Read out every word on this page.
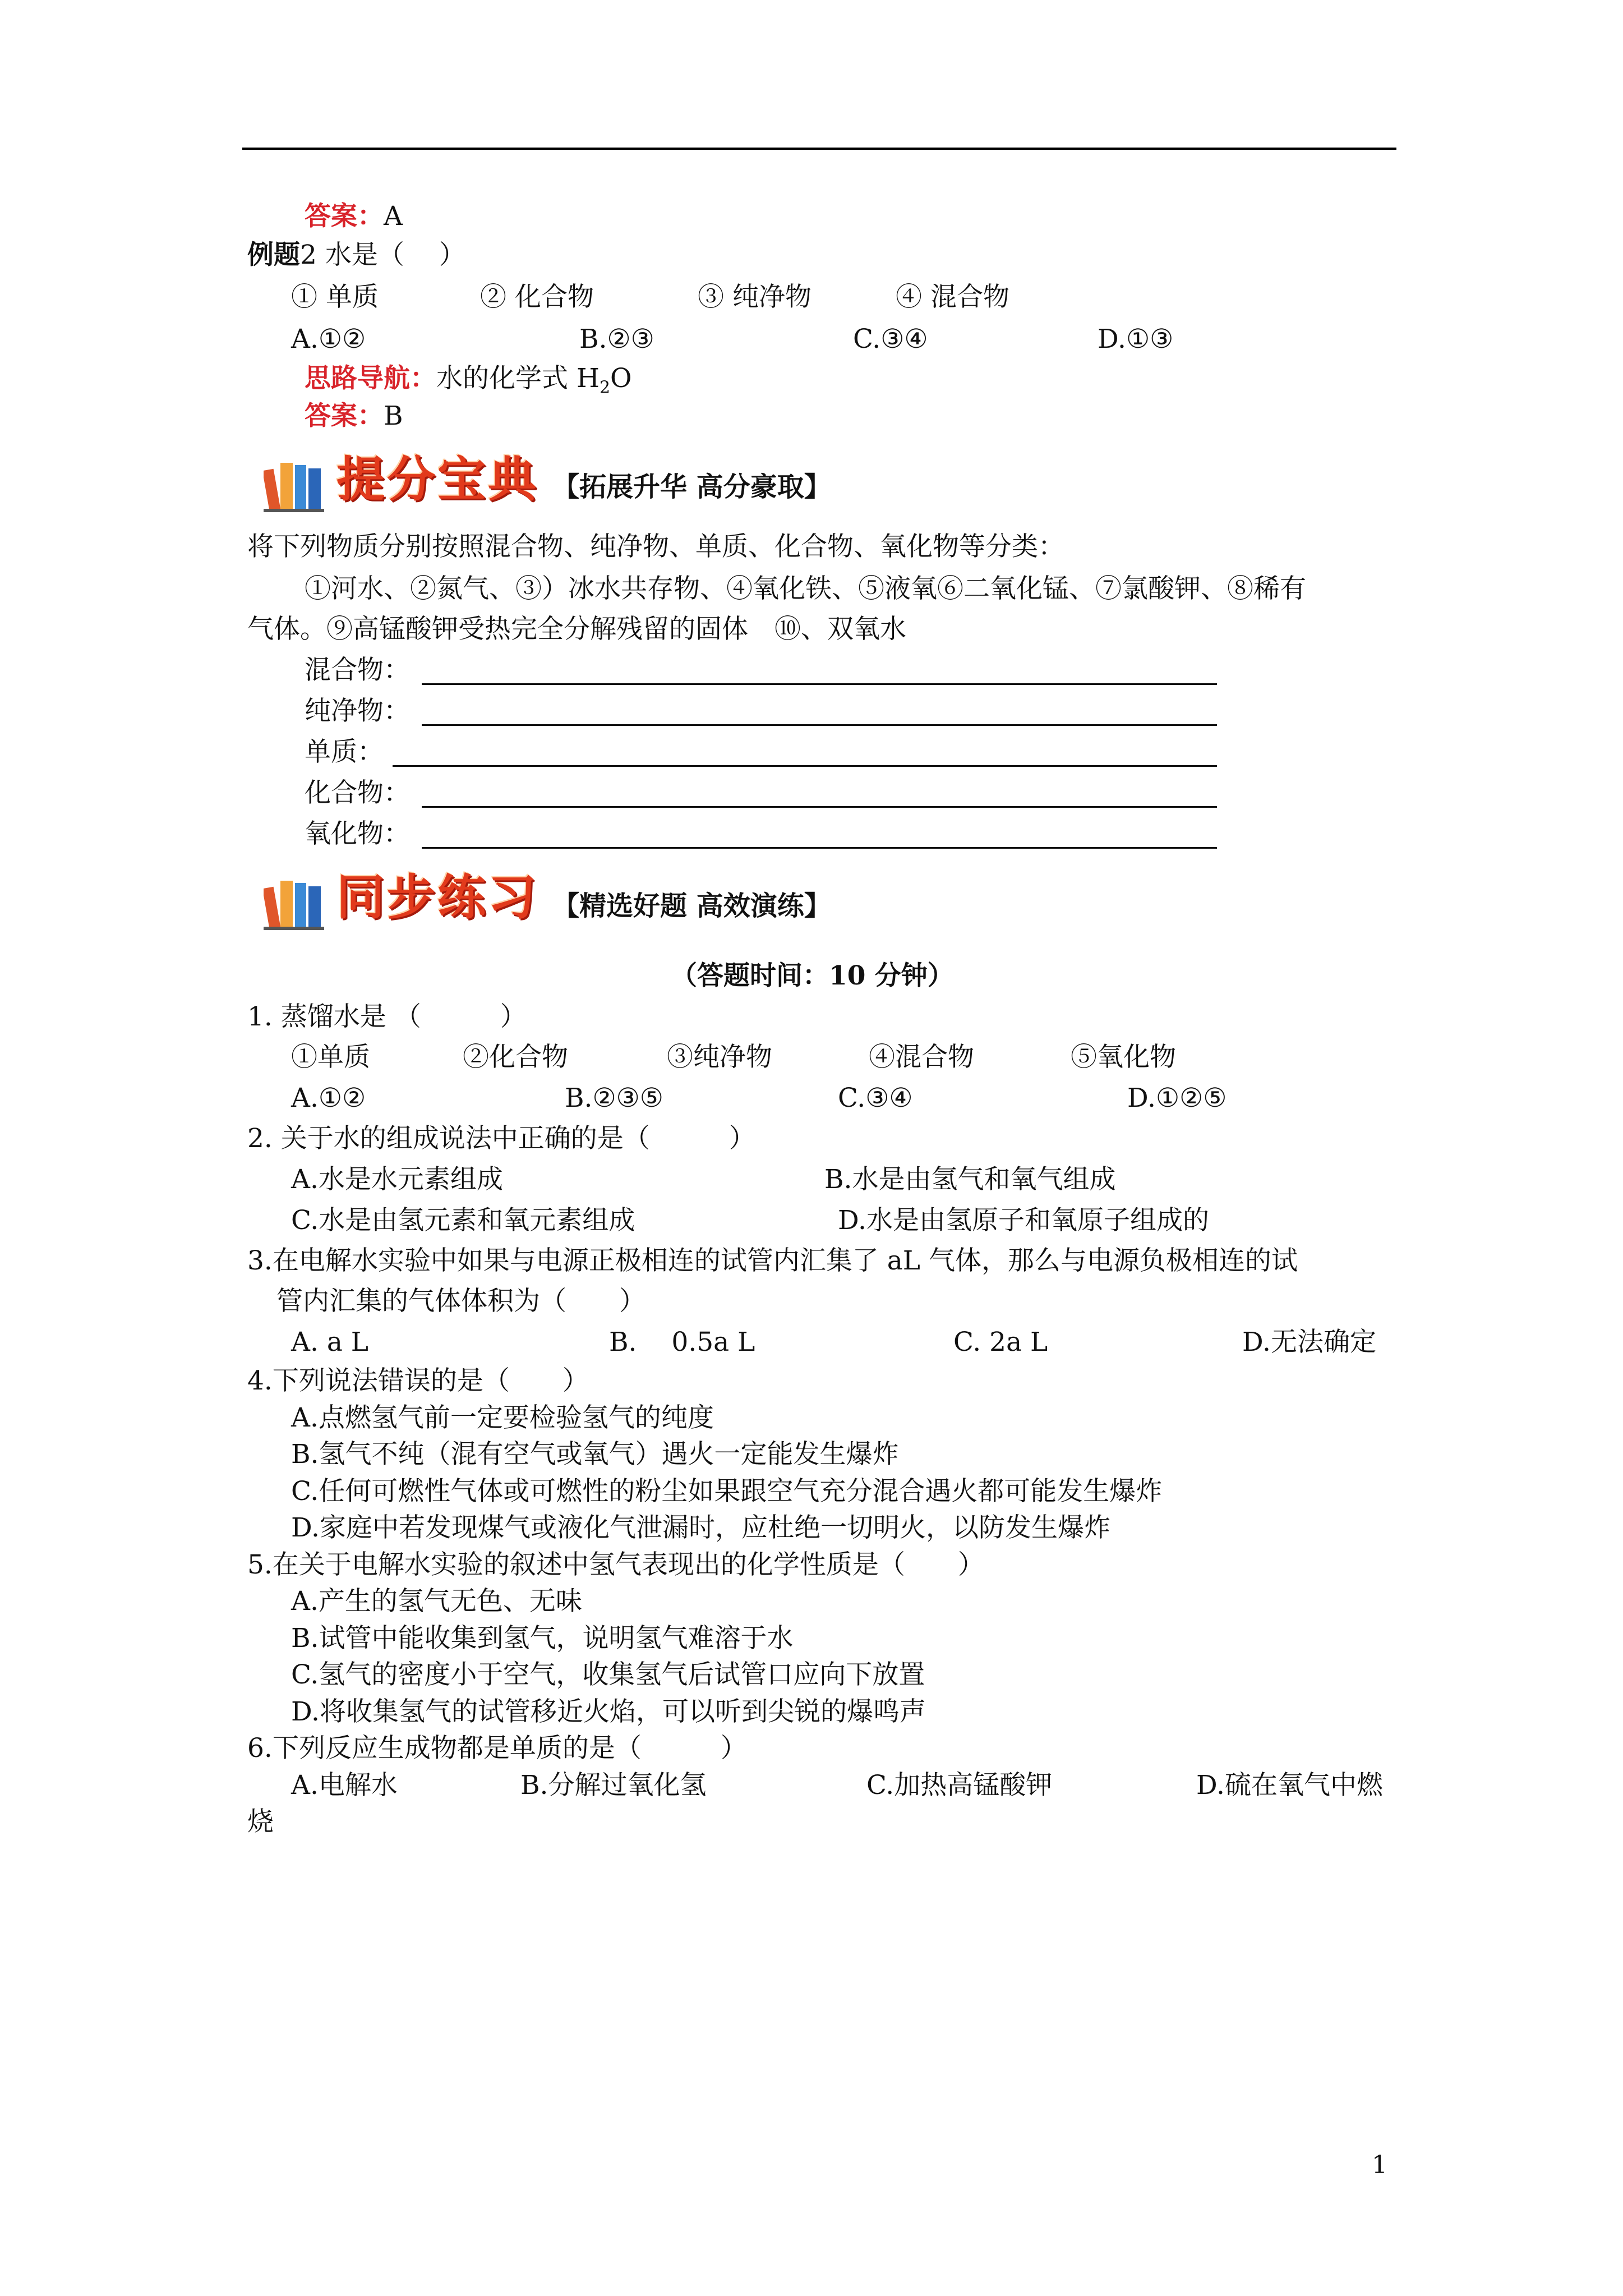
答案：A
例题2 水是（　 ）
① 单质	② 化合物	③ 纯净物	④ 混合物
A.①②	B.②③	C.③④	D.①③
思路导航：水的化学式 $H_2O$
答案：B
提分宝典 【拓展升华 高分豪取】
将下列物质分别按照混合物、纯净物、单质、化合物、氧化物等分类：
①河水、②氮气、③）冰水共存物、④氧化铁、⑤液氧⑥二氧化锰、⑦氯酸钾、⑧稀有
气体。⑨高锰酸钾受热完全分解残留的固体　⑩、双氧水
混合物：
纯净物：
单质：
化合物：
氧化物：
同步练习 【精选好题 高效演练】
（答题时间：10 分钟）
1. 蒸馏水是 （　　　）
①单质	②化合物	③纯净物	④混合物	⑤氧化物
A.①②	B.②③⑤	C.③④	D.①②⑤
2. 关于水的组成说法中正确的是（　　　）
A.水是水元素组成	B.水是由氢气和氧气组成
C.水是由氢元素和氧元素组成	D.水是由氢原子和氧原子组成的
3.在电解水实验中如果与电源正极相连的试管内汇集了 aL 气体，那么与电源负极相连的试
管内汇集的气体体积为（　　）
A. a L	B.　 0.5a L	C. 2a L	D.无法确定
4.下列说法错误的是（　　）
A.点燃氢气前一定要检验氢气的纯度
B.氢气不纯（混有空气或氧气）遇火一定能发生爆炸
C.任何可燃性气体或可燃性的粉尘如果跟空气充分混合遇火都可能发生爆炸
D.家庭中若发现煤气或液化气泄漏时，应杜绝一切明火，以防发生爆炸
5.在关于电解水实验的叙述中氢气表现出的化学性质是（　　）
A.产生的氢气无色、无味
B.试管中能收集到氢气，说明氢气难溶于水
C.氢气的密度小于空气，收集氢气后试管口应向下放置
D.将收集氢气的试管移近火焰，可以听到尖锐的爆鸣声
6.下列反应生成物都是单质的是（　　　）
A.电解水	B.分解过氧化氢	C.加热高锰酸钾	D.硫在氧气中燃
烧
1
